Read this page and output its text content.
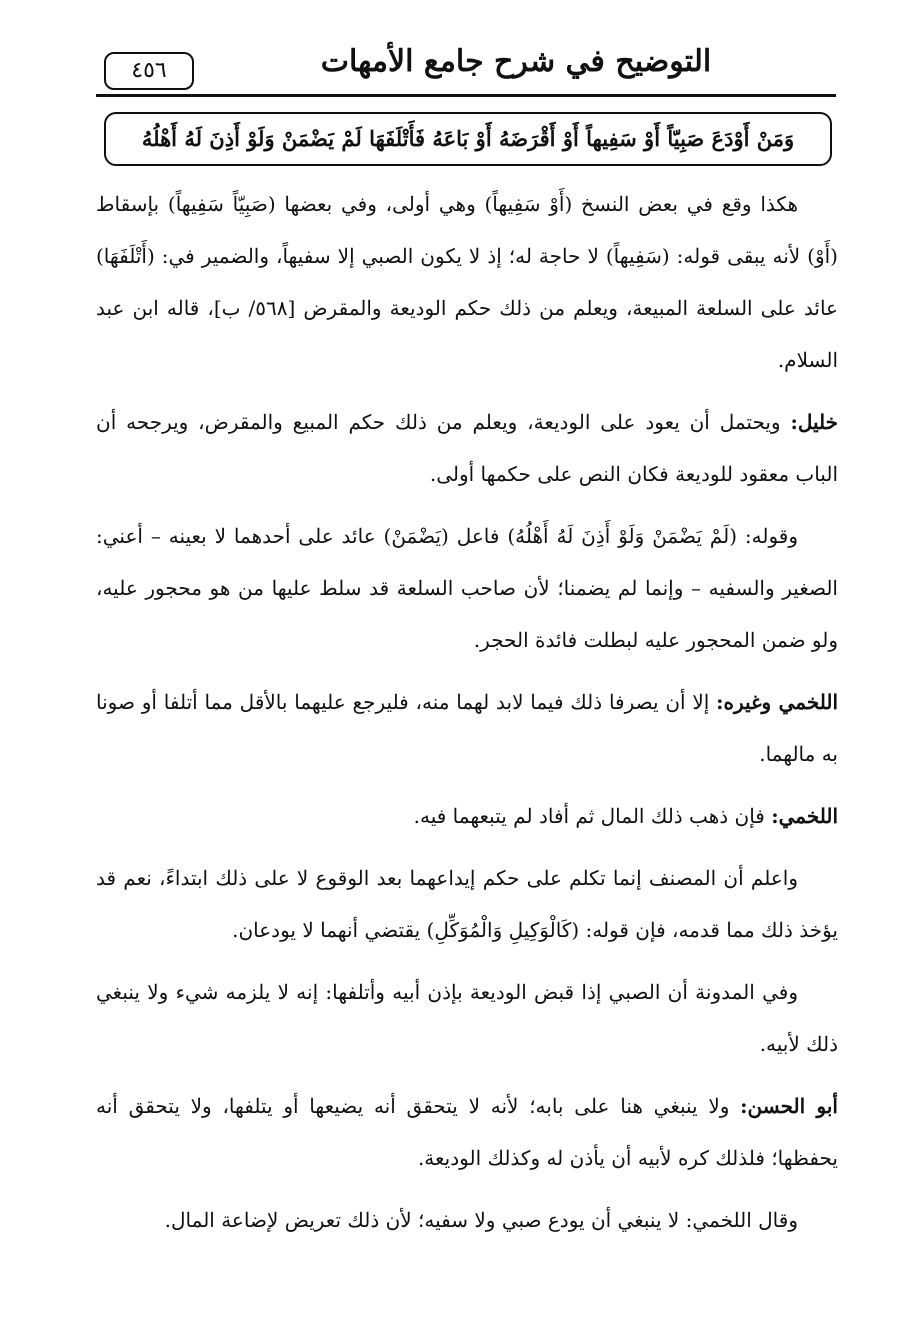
التوضيح في شرح جامع الأمهات
٤٥٦
وَمَنْ أَوْدَعَ صَبِيّاً أَوْ سَفِيهاً أَوْ أَقْرَضَهُ أَوْ بَاعَهُ فَأَتْلَفَهَا لَمْ يَضْمَنْ وَلَوْ أَذِنَ لَهُ أَهْلُهُ

هكذا وقع في بعض النسخ (أَوْ سَفِيهاً) وهي أولى، وفي بعضها (صَبِيّاً سَفِيهاً) بإسقاط (أَوْ) لأنه يبقى قوله: (سَفِيهاً) لا حاجة له؛ إذ لا يكون الصبي إلا سفيهاً، والضمير في: (أَتْلَفَهَا) عائد على السلعة المبيعة، ويعلم من ذلك حكم الوديعة والمقرض [٥٦٨/ ب]، قاله ابن عبد السلام.

خليل: ويحتمل أن يعود على الوديعة، ويعلم من ذلك حكم المبيع والمقرض، ويرجحه أن الباب معقود للوديعة فكان النص على حكمها أولى.

وقوله: (لَمْ يَضْمَنْ وَلَوْ أَذِنَ لَهُ أَهْلُهُ) فاعل (يَضْمَنْ) عائد على أحدهما لا بعينه – أعني: الصغير والسفيه – وإنما لم يضمنا؛ لأن صاحب السلعة قد سلط عليها من هو محجور عليه، ولو ضمن المحجور عليه لبطلت فائدة الحجر.

اللخمي وغيره: إلا أن يصرفا ذلك فيما لابد لهما منه، فليرجع عليهما بالأقل مما أتلفا أو صونا به مالهما.

اللخمي: فإن ذهب ذلك المال ثم أفاد لم يتبعهما فيه.

واعلم أن المصنف إنما تكلم على حكم إيداعهما بعد الوقوع لا على ذلك ابتداءً، نعم قد يؤخذ ذلك مما قدمه، فإن قوله: (كَالْوَكِيلِ وَالْمُوَكِّلِ) يقتضي أنهما لا يودعان.

وفي المدونة أن الصبي إذا قبض الوديعة بإذن أبيه وأتلفها: إنه لا يلزمه شيء ولا ينبغي ذلك لأبيه.

أبو الحسن: ولا ينبغي هنا على بابه؛ لأنه لا يتحقق أنه يضيعها أو يتلفها، ولا يتحقق أنه يحفظها؛ فلذلك كره لأبيه أن يأذن له وكذلك الوديعة.

وقال اللخمي: لا ينبغي أن يودع صبي ولا سفيه؛ لأن ذلك تعريض لإضاعة المال.
